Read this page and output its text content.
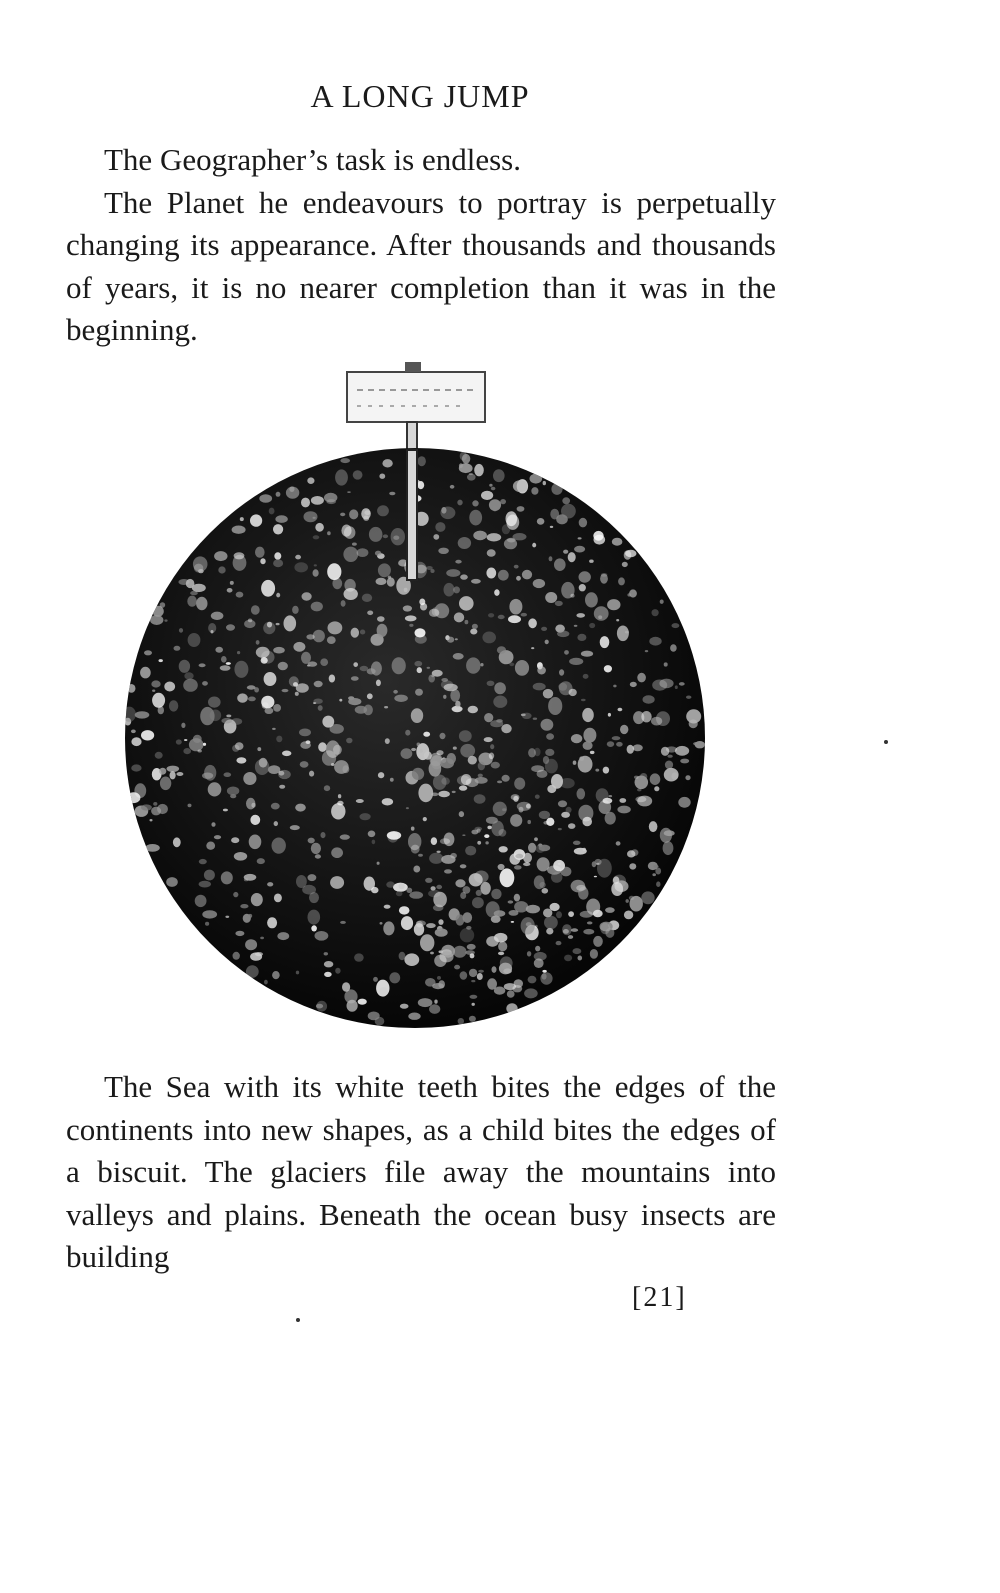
A LONG JUMP

The Geographer’s task is endless.

The Planet he endeavours to portray is perpetually changing its appearance. After thousands and thousands of years, it is no nearer completion than it was in the beginning.

The Sea with its white teeth bites the edges of the continents into new shapes, as a child bites the edges of a biscuit. The glaciers file away the mountains into valleys and plains. Beneath the ocean busy insects are building

[21]
